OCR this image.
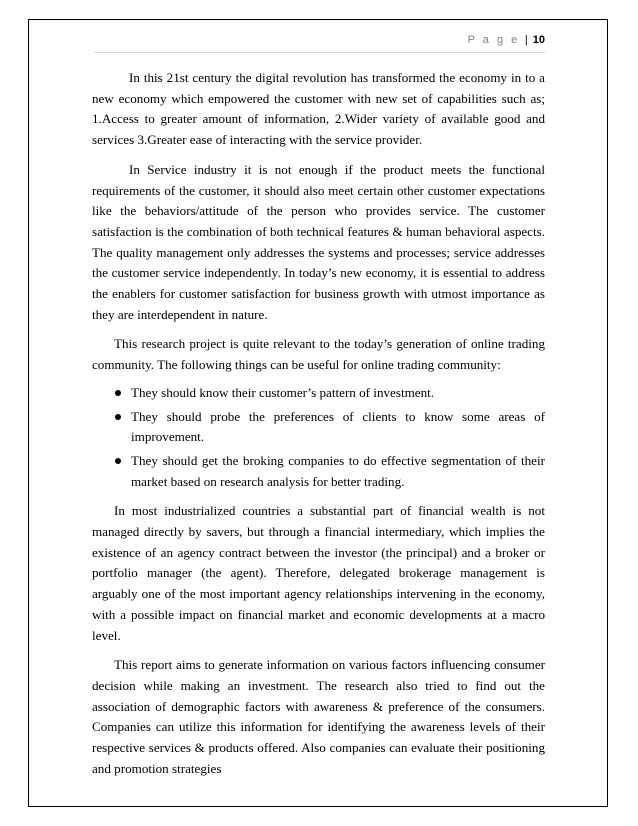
P a g e | 10

In this 21st century the digital revolution has transformed the economy in to a new economy which empowered the customer with new set of capabilities such as; 1.Access to greater amount of information, 2.Wider variety of available good and services 3.Greater ease of interacting with the service provider.

In Service industry it is not enough if the product meets the functional requirements of the customer, it should also meet certain other customer expectations like the behaviors/attitude of the person who provides service. The customer satisfaction is the combination of both technical features & human behavioral aspects. The quality management only addresses the systems and processes; service addresses the customer service independently. In today’s new economy, it is essential to address the enablers for customer satisfaction for business growth with utmost importance as they are interdependent in nature.

This research project is quite relevant to the today’s generation of online trading community. The following things can be useful for online trading community:

They should know their customer’s pattern of investment.
They should probe the preferences of clients to know some areas of improvement.
They should get the broking companies to do effective segmentation of their market based on research analysis for better trading.

In most industrialized countries a substantial part of financial wealth is not managed directly by savers, but through a financial intermediary, which implies the existence of an agency contract between the investor (the principal) and a broker or portfolio manager (the agent). Therefore, delegated brokerage management is arguably one of the most important agency relationships intervening in the economy, with a possible impact on financial market and economic developments at a macro level.

This report aims to generate information on various factors influencing consumer decision while making an investment. The research also tried to find out the association of demographic factors with awareness & preference of the consumers. Companies can utilize this information for identifying the awareness levels of their respective services & products offered. Also companies can evaluate their positioning and promotion strategies
